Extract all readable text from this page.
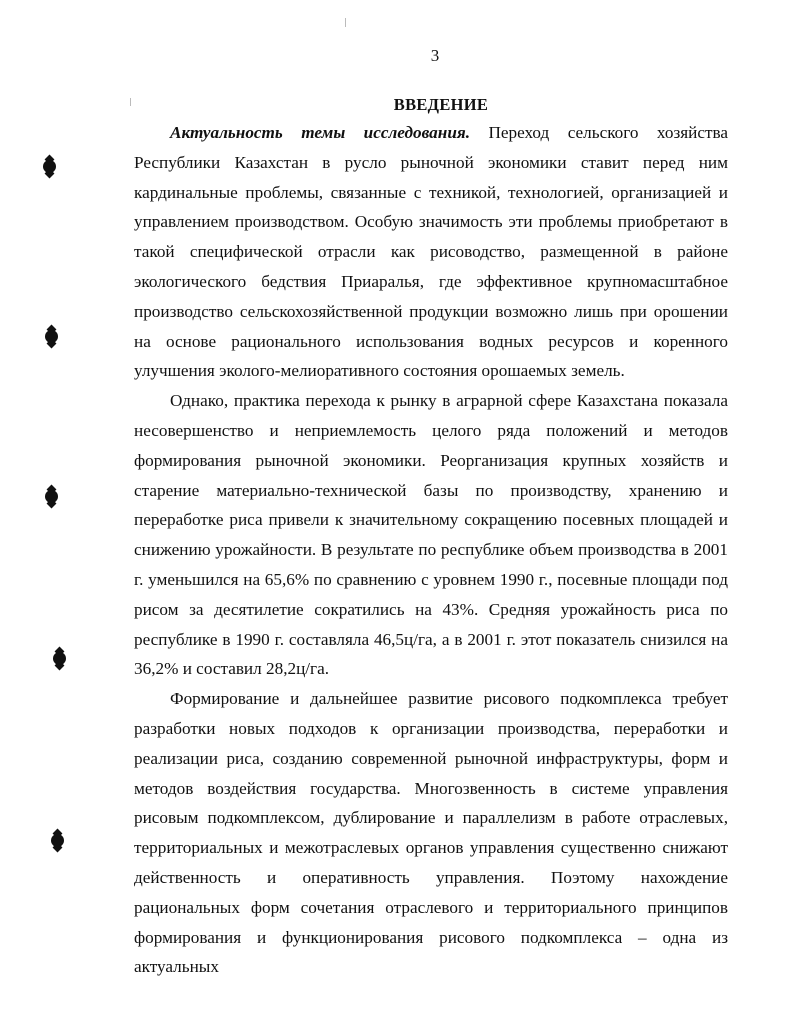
3
ВВЕДЕНИЕ

Актуальность темы исследования. Переход сельского хозяйства Республики Казахстан в русло рыночной экономики ставит перед ним кардинальные проблемы, связанные с техникой, технологией, организацией и управлением производством. Особую значимость эти проблемы приобретают в такой специфической отрасли как рисоводство, размещенной в районе экологического бедствия Приаралья, где эффективное крупномасштабное производство сельскохозяйственной продукции возможно лишь при орошении на основе рационального использования водных ресурсов и коренного улучшения эколого-мелиоративного состояния орошаемых земель.

Однако, практика перехода к рынку в аграрной сфере Казахстана показала несовершенство и неприемлемость целого ряда положений и методов формирования рыночной экономики. Реорганизация крупных хозяйств и старение материально-технической базы по производству, хранению и переработке риса привели к значительному сокращению посевных площадей и снижению урожайности. В результате по республике объем производства в 2001 г. уменьшился на 65,6% по сравнению с уровнем 1990 г., посевные площади под рисом за десятилетие сократились на 43%. Средняя урожайность риса по республике в 1990 г. составляла 46,5ц/га, а в 2001 г. этот показатель снизился на 36,2% и составил 28,2ц/га.

Формирование и дальнейшее развитие рисового подкомплекса требует разработки новых подходов к организации производства, переработки и реализации риса, созданию современной рыночной инфраструктуры, форм и методов воздействия государства. Многозвенность в системе управления рисовым подкомплексом, дублирование и параллелизм в работе отраслевых, территориальных и межотраслевых органов управления существенно снижают действенность и оперативность управления. Поэтому нахождение рациональных форм сочетания отраслевого и территориального принципов формирования и функционирования рисового подкомплекса – одна из актуальных
